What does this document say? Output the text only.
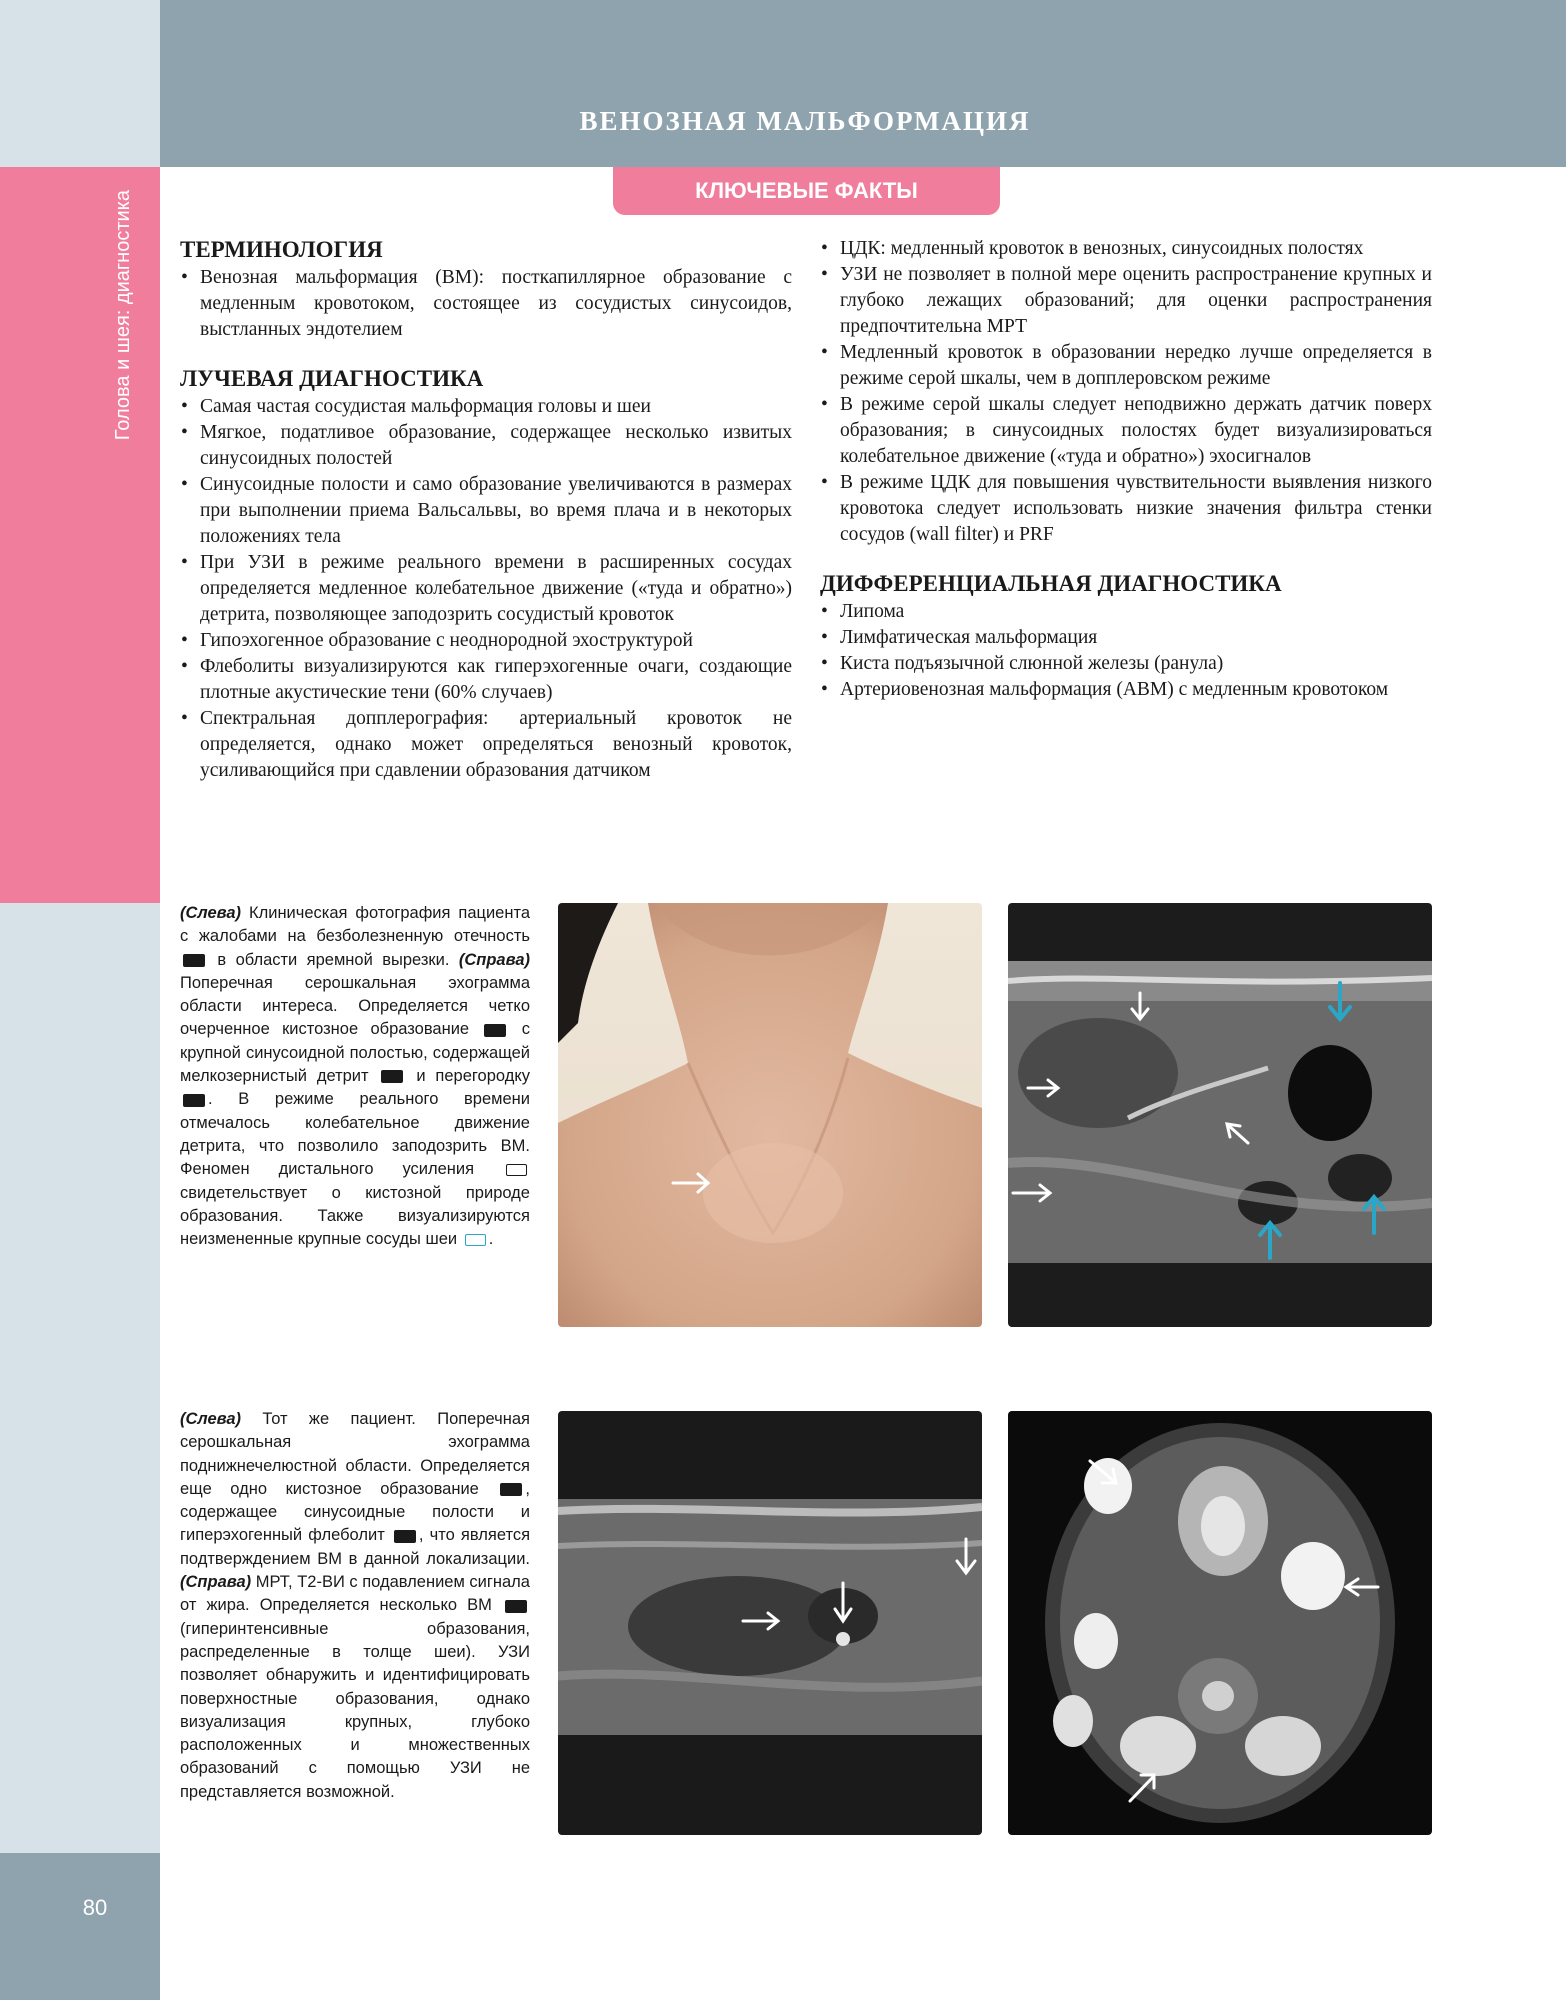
Голова и шея: диагностика
80
ВЕНОЗНАЯ МАЛЬФОРМАЦИЯ
КЛЮЧЕВЫЕ ФАКТЫ
ТЕРМИНОЛОГИЯ
• Венозная мальформация (ВМ): посткапиллярное образование с медленным кровотоком, состоящее из сосудистых синусоидов, выстланных эндотелием
ЛУЧЕВАЯ ДИАГНОСТИКА
• Самая частая сосудистая мальформация головы и шеи
• Мягкое, податливое образование, содержащее несколько извитых синусоидных полостей
• Синусоидные полости и само образование увеличиваются в размерах при выполнении приема Вальсальвы, во время плача и в некоторых положениях тела
• При УЗИ в режиме реального времени в расширенных сосудах определяется медленное колебательное движение («туда и обратно») детрита, позволяющее заподозрить сосудистый кровоток
• Гипоэхогенное образование с неоднородной эхоструктурой
• Флеболиты визуализируются как гиперэхогенные очаги, создающие плотные акустические тени (60% случаев)
• Спектральная допплерография: артериальный кровоток не определяется, однако может определяться венозный кровоток, усиливающийся при сдавлении образования датчиком
• ЦДК: медленный кровоток в венозных, синусоидных полостях
• УЗИ не позволяет в полной мере оценить распространение крупных и глубоко лежащих образований; для оценки распространения предпочтительна МРТ
• Медленный кровоток в образовании нередко лучше определяется в режиме серой шкалы, чем в допплеровском режиме
• В режиме серой шкалы следует неподвижно держать датчик поверх образования; в синусоидных полостях будет визуализироваться колебательное движение («туда и обратно») эхосигналов
• В режиме ЦДК для повышения чувствительности выявления низкого кровотока следует использовать низкие значения фильтра стенки сосудов (wall filter) и PRF
ДИФФЕРЕНЦИАЛЬНАЯ ДИАГНОСТИКА
• Липома
• Лимфатическая мальформация
• Киста подъязычной слюнной железы (ранула)
• Артериовенозная мальформация (АВМ) с медленным кровотоком
(Слева) Клиническая фотография пациента с жалобами на безболезненную отечность  в области яремной вырезки. (Справа) Поперечная серошкальная эхограмма области интереса. Определяется четко очерченное кистозное образование  с крупной синусоидной полостью, содержащей мелкозернистый детрит  и перегородку . В режиме реального времени отмечалось колебательное движение детрита, что позволило заподозрить ВМ. Феномен дистального усиления  свидетельствует о кистозной природе образования. Также визуализируются неизмененные крупные сосуды шеи .
(Слева) Тот же пациент. Поперечная серошкальная эхограмма поднижнечелюстной области. Определяется еще одно кистозное образование , содержащее синусоидные полости и гиперэхогенный флеболит , что является подтверждением ВМ в данной локализации. (Справа) МРТ, T2-ВИ с подавлением сигнала от жира. Определяется несколько ВМ  (гиперинтенсивные образования, распределенные в толще шеи). УЗИ позволяет обнаружить и идентифицировать поверхностные образования, однако визуализация крупных, глубоко расположенных и множественных образований с помощью УЗИ не представляется возможной.
